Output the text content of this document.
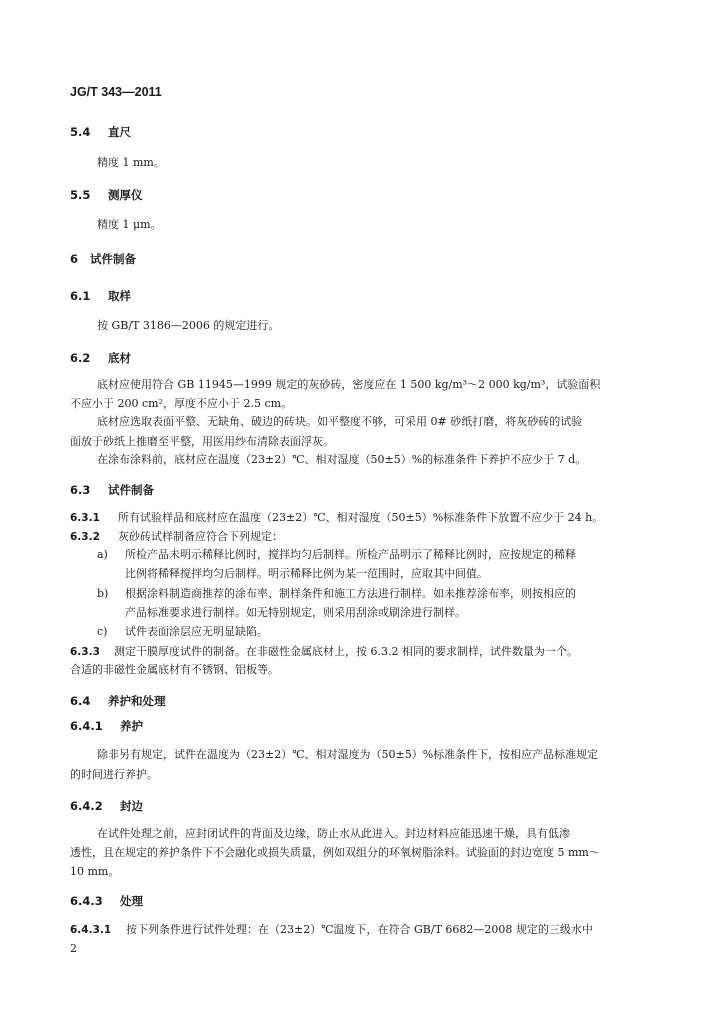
JG/T 343—2011
5.4 直尺
精度 1 mm。
5.5 测厚仪
精度 1 μm。
6 试件制备
6.1 取样
按 GB/T 3186—2006 的规定进行。
6.2 底材
底材应使用符合 GB 11945—1999 规定的灰砂砖，密度应在 1 500 kg/m³～2 000 kg/m³，试验面积
不应小于 200 cm²，厚度不应小于 2.5 cm。
底材应选取表面平整、无缺角、破边的砖块。如平整度不够，可采用 0# 砂纸打磨，将灰砂砖的试验
面放于砂纸上推磨至平整，用医用纱布清除表面浮灰。
在涂布涂料前，底材应在温度（23±2）℃、相对湿度（50±5）%的标准条件下养护不应少于 7 d。
6.3 试件制备
6.3.1 所有试验样品和底材应在温度（23±2）℃、相对湿度（50±5）%标准条件下放置不应少于 24 h。
6.3.2 灰砂砖试样制备应符合下列规定：
a) 所检产品未明示稀释比例时，搅拌均匀后制样。所检产品明示了稀释比例时，应按规定的稀释
比例将稀释搅拌均匀后制样。明示稀释比例为某一范围时，应取其中间值。
b) 根据涂料制造商推荐的涂布率、制样条件和施工方法进行制样。如未推荐涂布率，则按相应的
产品标准要求进行制样。如无特别规定，则采用刮涂或刷涂进行制样。
c) 试件表面涂层应无明显缺陷。
6.3.3 测定干膜厚度试件的制备。在非磁性金属底材上，按 6.3.2 相同的要求制样，试件数量为一个。
合适的非磁性金属底材有不锈钢、铝板等。
6.4 养护和处理
6.4.1 养护
除非另有规定，试件在温度为（23±2）℃、相对湿度为（50±5）%标准条件下，按相应产品标准规定
的时间进行养护。
6.4.2 封边
在试件处理之前，应封闭试件的背面及边缘，防止水从此进入。封边材料应能迅速干燥，具有低渗
透性，且在规定的养护条件下不会融化或损失质量，例如双组分的环氧树脂涂料。试验面的封边宽度 5 mm～
10 mm。
6.4.3 处理
6.4.3.1 按下列条件进行试件处理：在（23±2）℃温度下，在符合 GB/T 6682—2008 规定的三级水中
2
